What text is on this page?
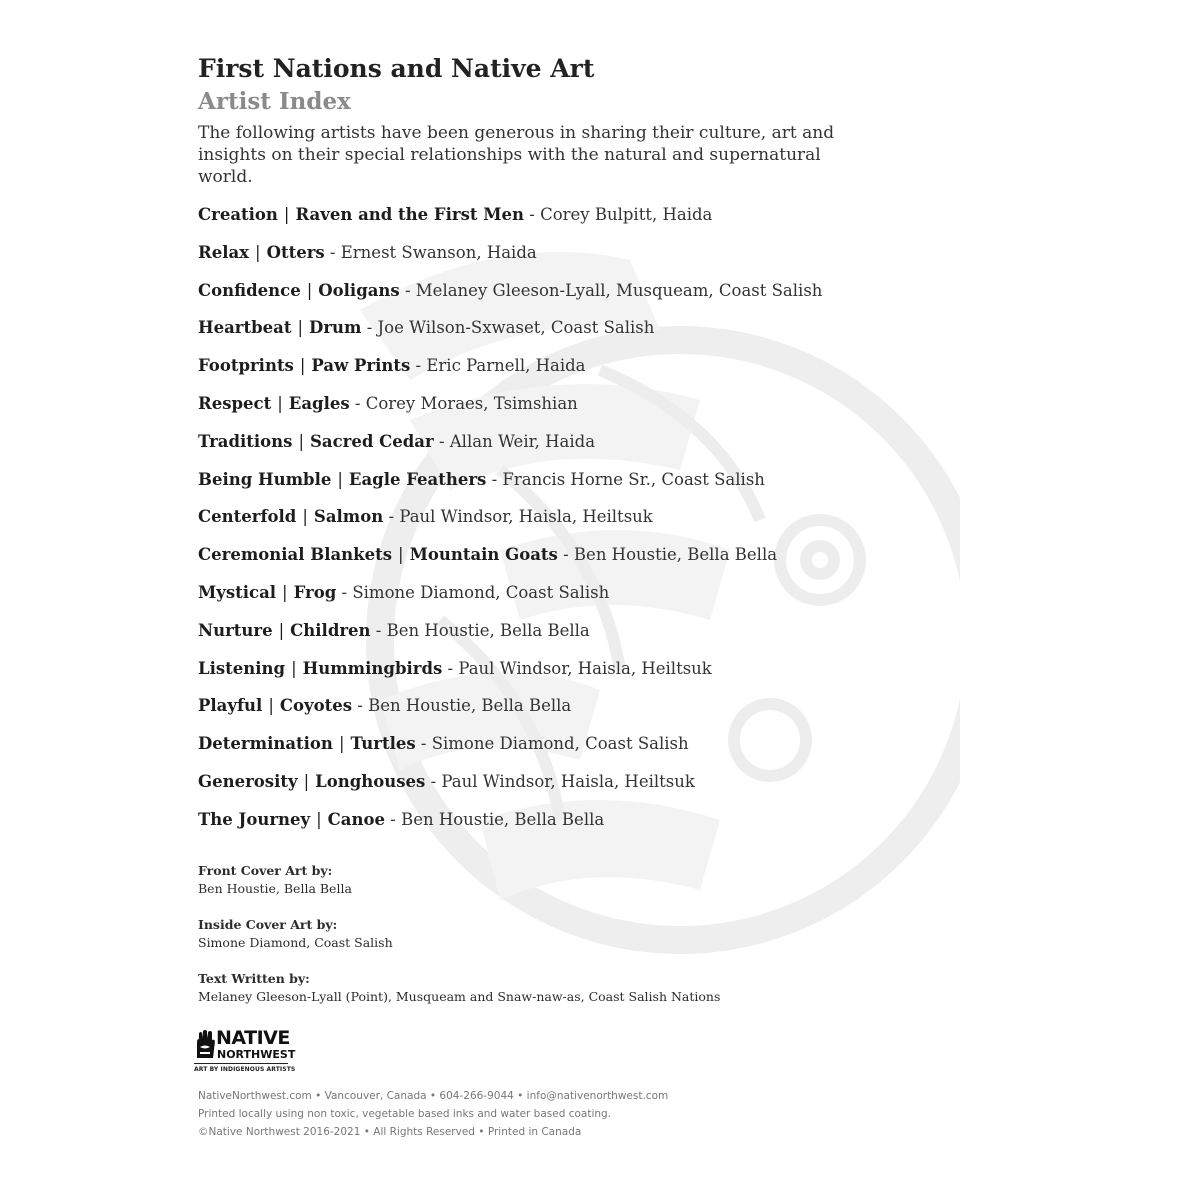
First Nations and Native Art
Artist Index

The following artists have been generous in sharing their culture, art and insights on their special relationships with the natural and supernatural world.

Creation | Raven and the First Men - Corey Bulpitt, Haida
Relax | Otters - Ernest Swanson, Haida
Confidence | Ooligans - Melaney Gleeson-Lyall, Musqueam, Coast Salish
Heartbeat | Drum - Joe Wilson-Sxwaset, Coast Salish
Footprints | Paw Prints - Eric Parnell, Haida
Respect | Eagles - Corey Moraes, Tsimshian
Traditions | Sacred Cedar - Allan Weir, Haida
Being Humble | Eagle Feathers - Francis Horne Sr., Coast Salish
Centerfold | Salmon - Paul Windsor, Haisla, Heiltsuk
Ceremonial Blankets | Mountain Goats - Ben Houstie, Bella Bella
Mystical | Frog - Simone Diamond, Coast Salish
Nurture | Children - Ben Houstie, Bella Bella
Listening | Hummingbirds - Paul Windsor, Haisla, Heiltsuk
Playful | Coyotes - Ben Houstie, Bella Bella
Determination | Turtles - Simone Diamond, Coast Salish
Generosity | Longhouses - Paul Windsor, Haisla, Heiltsuk
The Journey | Canoe - Ben Houstie, Bella Bella
Front Cover Art by:
Ben Houstie, Bella Bella
Inside Cover Art by:
Simone Diamond, Coast Salish
Text Written by:
Melaney Gleeson-Lyall (Point), Musqueam and Snaw-naw-as, Coast Salish Nations
NATIVE
NORTHWEST
ART BY INDIGENOUS ARTISTS
NativeNorthwest.com • Vancouver, Canada • 604-266-9044 • info@nativenorthwest.com
Printed locally using non toxic, vegetable based inks and water based coating.
©Native Northwest 2016-2021 • All Rights Reserved • Printed in Canada
